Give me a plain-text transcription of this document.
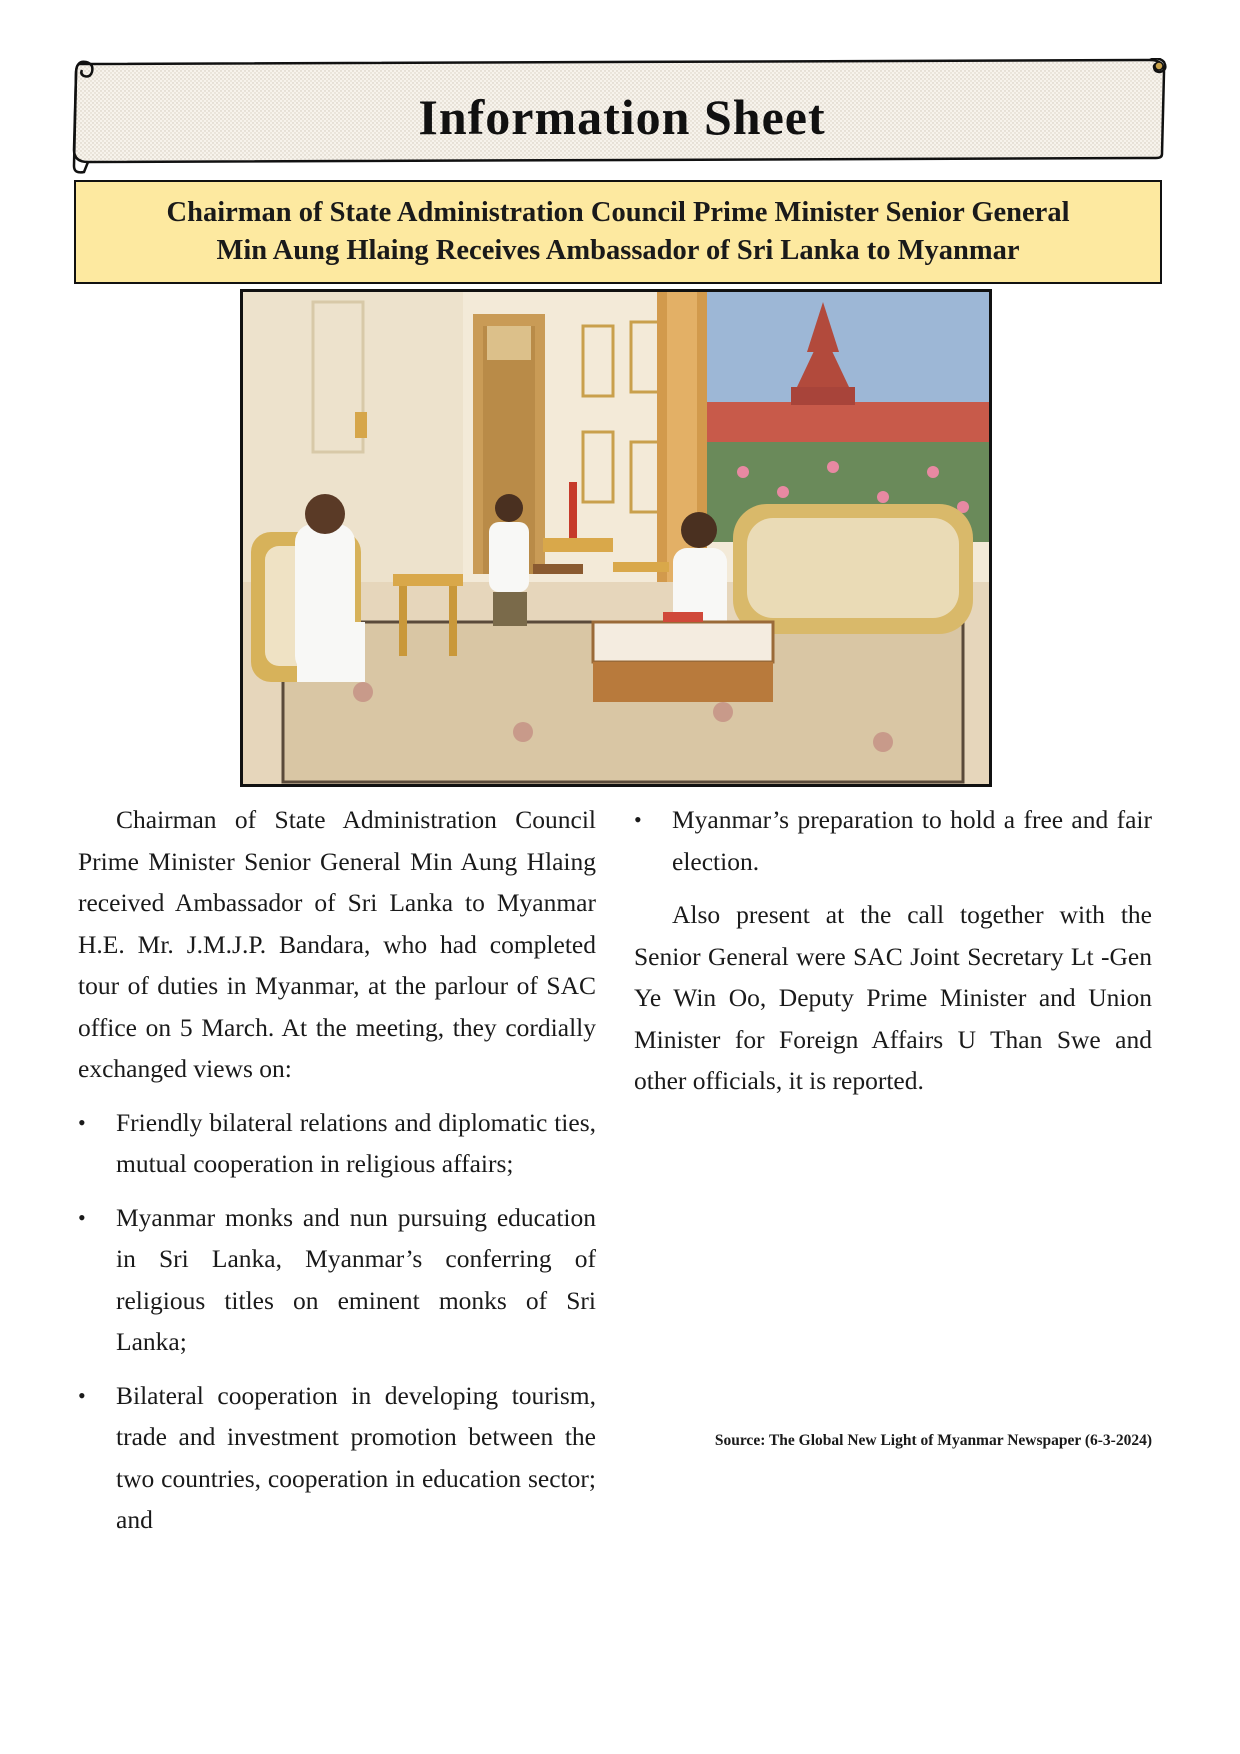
Information Sheet
Chairman of State Administration Council Prime Minister Senior General
Min Aung Hlaing Receives Ambassador of Sri Lanka to Myanmar

Chairman of State Administration Council Prime Minister Senior General Min Aung Hlaing received Ambassador of Sri Lanka to Myanmar H.E. Mr. J.M.J.P. Bandara, who had completed tour of duties in Myanmar, at the parlour of SAC office on 5 March. At the meeting, they cordially exchanged views on:

•	Friendly bilateral relations and diplomatic ties, mutual cooperation in religious affairs;
•	Myanmar monks and nun pursuing education in Sri Lanka, Myanmar’s conferring of religious titles on eminent monks of Sri Lanka;
•	Bilateral cooperation in developing tourism, trade and investment promotion between the two countries, cooperation in education sector; and
•	Myanmar’s preparation to hold a free and fair election.

Also present at the call together with the Senior General were SAC Joint Secretary Lt -Gen Ye Win Oo, Deputy Prime Minister and Union Minister for Foreign Affairs U Than Swe and other officials, it is reported.

Source: The Global New Light of Myanmar Newspaper (6-3-2024)
